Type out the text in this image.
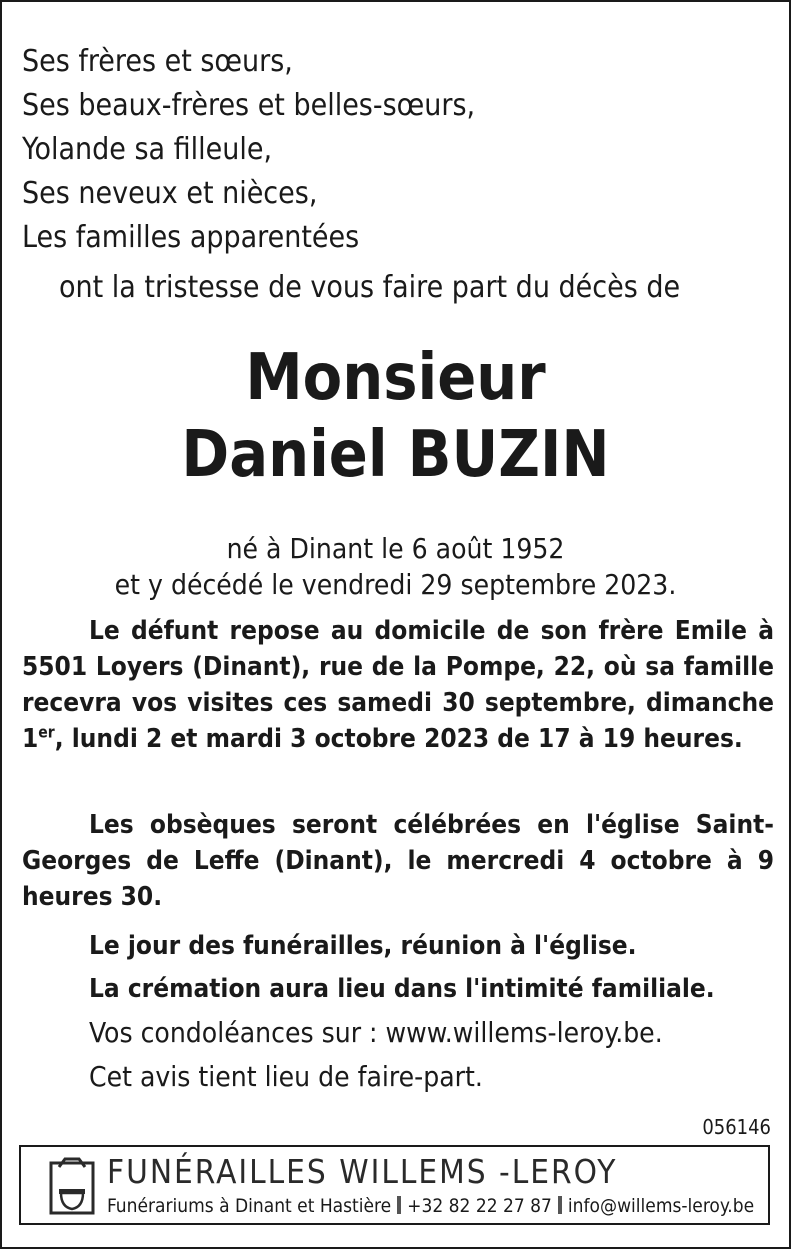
Ses frères et sœurs,
Ses beaux-frères et belles-sœurs,
Yolande sa filleule,
Ses neveux et nièces,
Les familles apparentées
ont la tristesse de vous faire part du décès de
Monsieur
Daniel BUZIN
né à Dinant le 6 août 1952
et y décédé le vendredi 29 septembre 2023.
Le défunt repose au domicile de son frère Emile à 5501 Loyers (Dinant), rue de la Pompe, 22, où sa famille recevra vos visites ces samedi 30 septembre, dimanche 1er, lundi 2 et mardi 3 octobre 2023 de 17 à 19 heures.
Les obsèques seront célébrées en l'église Saint-Georges de Leffe (Dinant), le mercredi 4 octobre à 9 heures 30.
Le jour des funérailles, réunion à l'église.
La crémation aura lieu dans l'intimité familiale.
Vos condoléances sur : www.willems-leroy.be.
Cet avis tient lieu de faire-part.
056146
FUNÉRAILLES WILLEMS -LEROY
Funérariums à Dinant et Hastière +32 82 22 27 87 info@willems-leroy.be
